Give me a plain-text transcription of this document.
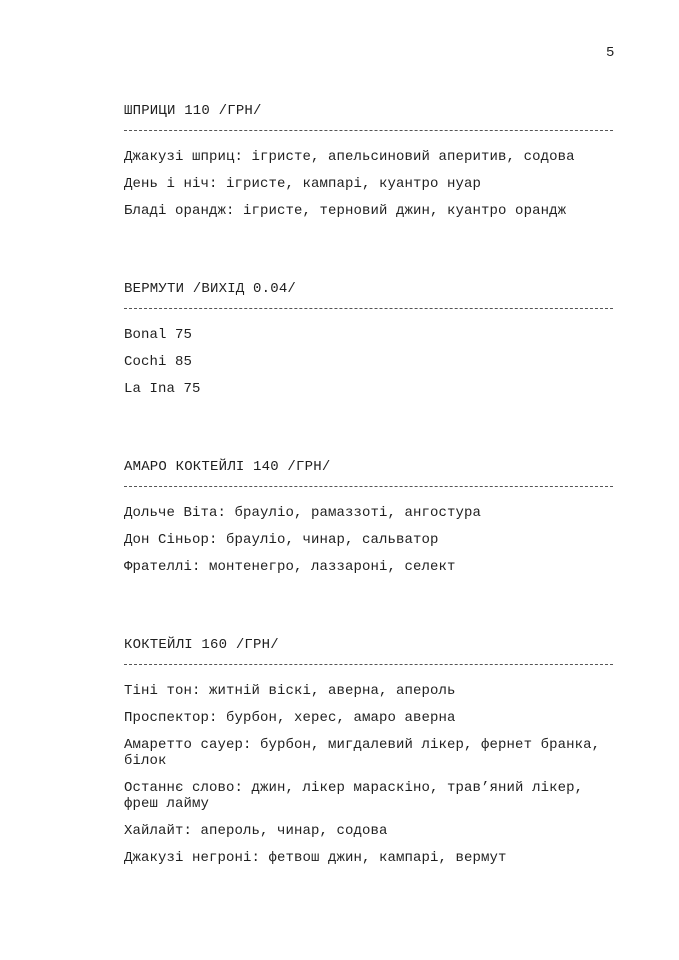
5
ШПРИЦИ 110 /ГРН/
Джакузі шприц: ігристе, апельсиновий аперитив, содова
День і ніч: ігристе, кампарі, куантро нуар
Бладі орандж: ігристе, терновий джин, куантро орандж
ВЕРМУТИ /ВИХІД 0.04/
Bonal 75
Cochi 85
La Ina 75
АМАРО КОКТЕЙЛІ 140 /ГРН/
Дольче Віта: брауліо, рамаззоті, ангостура
Дон Сіньор: брауліо, чинар, сальватор
Фрателлі: монтенегро, лаззароні, селект
КОКТЕЙЛІ 160 /ГРН/
Тіні тон: житній віскі, аверна, апероль
Проспектор: бурбон, херес, амаро аверна
Амаретто сауер: бурбон, мигдалевий лікер, фернет бранка, білок
Останнє слово: джин, лікер мараскіно, трав’яний лікер, фреш лайму
Хайлайт: апероль, чинар, содова
Джакузі негроні: фетвош джин, кампарі, вермут
